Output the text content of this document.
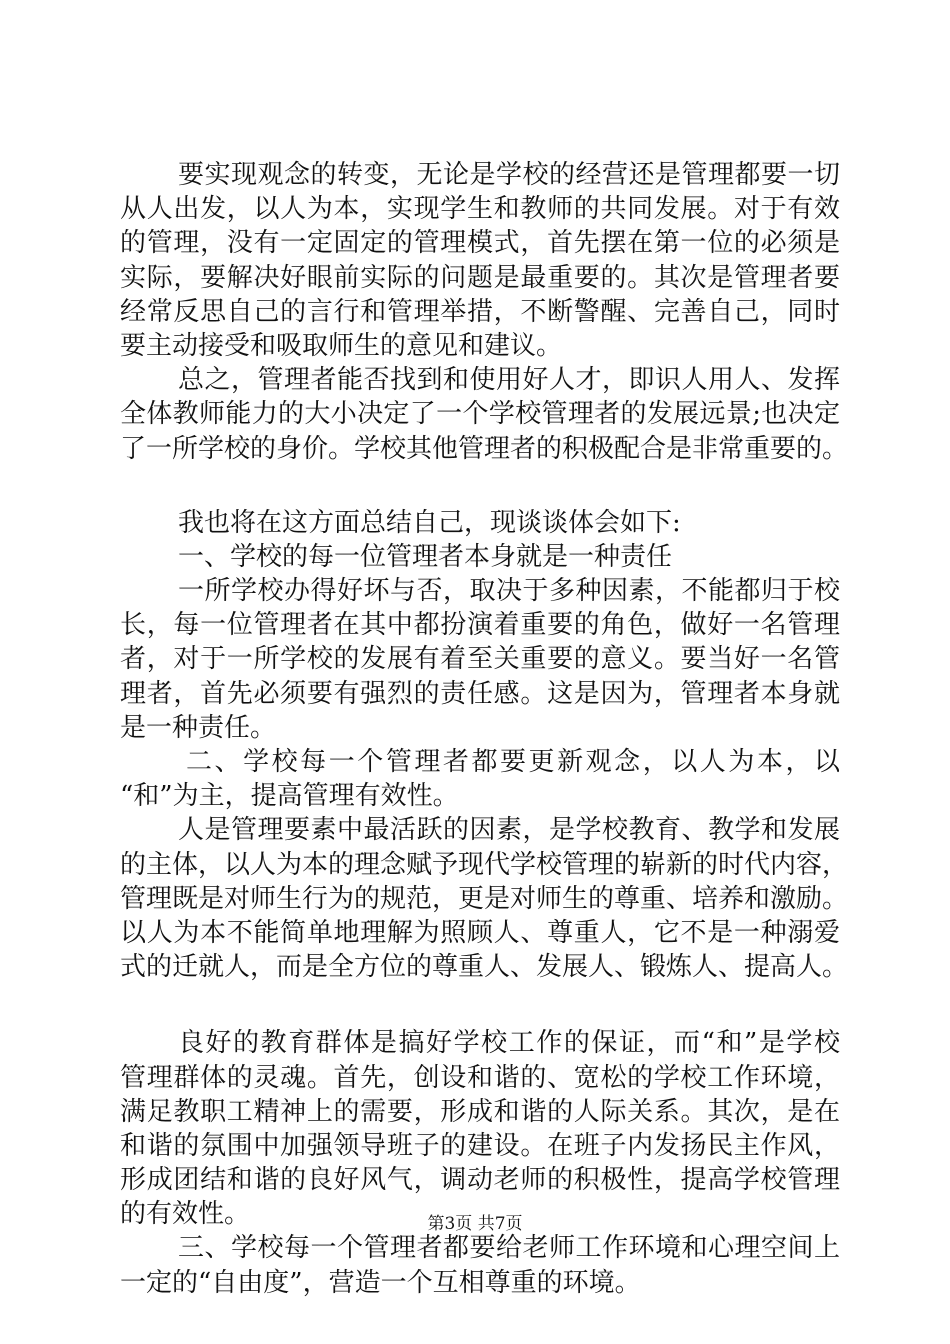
要实现观念的转变，无论是学校的经营还是管理都要一切
从人出发，以人为本，实现学生和教师的共同发展。对于有效
的管理，没有一定固定的管理模式，首先摆在第一位的必须是
实际，要解决好眼前实际的问题是最重要的。其次是管理者要
经常反思自己的言行和管理举措，不断警醒、完善自己，同时
要主动接受和吸取师生的意见和建议。
总之，管理者能否找到和使用好人才，即识人用人、发挥
全体教师能力的大小决定了一个学校管理者的发展远景;也决定
了一所学校的身价。学校其他管理者的积极配合是非常重要的。
我也将在这方面总结自己，现谈谈体会如下:
一、学校的每一位管理者本身就是一种责任
一所学校办得好坏与否，取决于多种因素，不能都归于校
长，每一位管理者在其中都扮演着重要的角色，做好一名管理
者，对于一所学校的发展有着至关重要的意义。要当好一名管
理者，首先必须要有强烈的责任感。这是因为，管理者本身就
是一种责任。
二、学校每一个管理者都要更新观念，以人为本，以
“和”为主，提高管理有效性。
人是管理要素中最活跃的因素，是学校教育、教学和发展
的主体，以人为本的理念赋予现代学校管理的崭新的时代内容，
管理既是对师生行为的规范，更是对师生的尊重、培养和激励。
以人为本不能简单地理解为照顾人、尊重人，它不是一种溺爱
式的迁就人，而是全方位的尊重人、发展人、锻炼人、提高人。
良好的教育群体是搞好学校工作的保证，而“和”是学校
管理群体的灵魂。首先，创设和谐的、宽松的学校工作环境，
满足教职工精神上的需要，形成和谐的人际关系。其次，是在
和谐的氛围中加强领导班子的建设。在班子内发扬民主作风，
形成团结和谐的良好风气，调动老师的积极性，提高学校管理
的有效性。
三、学校每一个管理者都要给老师工作环境和心理空间上
一定的“自由度”，营造一个互相尊重的环境。
第3页 共7页
